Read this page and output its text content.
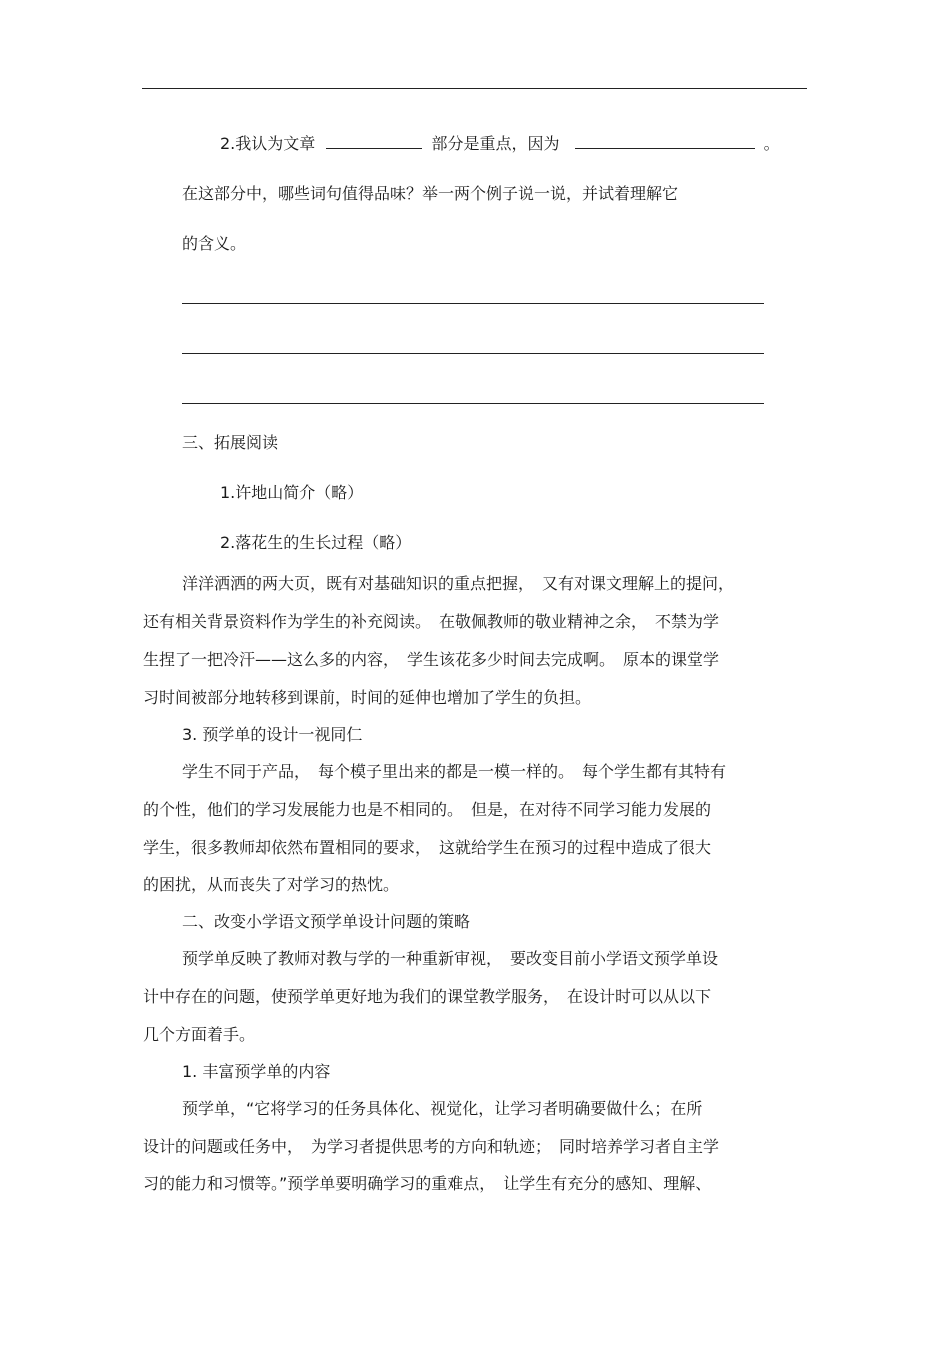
2.我认为文章	部分是重点，因为	。
在这部分中，哪些词句值得品味？举一两个例子说一说，并试着理解它
的含义。
三、拓展阅读
1.许地山简介（略）
2.落花生的生长过程（略）
洋洋洒洒的两大页，既有对基础知识的重点把握，　又有对课文理解上的提问，
还有相关背景资料作为学生的补充阅读。　在敬佩教师的敬业精神之余，　不禁为学
生捏了一把冷汗——这么多的内容，　学生该花多少时间去完成啊。　原本的课堂学
习时间被部分地转移到课前，时间的延伸也增加了学生的负担。
3. 预学单的设计一视同仁
学生不同于产品，　每个模子里出来的都是一模一样的。　每个学生都有其特有
的个性，他们的学习发展能力也是不相同的。　但是，在对待不同学习能力发展的
学生，很多教师却依然布置相同的要求，　这就给学生在预习的过程中造成了很大
的困扰，从而丧失了对学习的热忱。
二、改变小学语文预学单设计问题的策略
预学单反映了教师对教与学的一种重新审视，　要改变目前小学语文预学单设
计中存在的问题，使预学单更好地为我们的课堂教学服务，　在设计时可以从以下
几个方面着手。
1. 丰富预学单的内容
预学单，“它将学习的任务具体化、视觉化，让学习者明确要做什么；在所
设计的问题或任务中，　为学习者提供思考的方向和轨迹；　同时培养学习者自主学
习的能力和习惯等。”预学单要明确学习的重难点，　让学生有充分的感知、理解、
